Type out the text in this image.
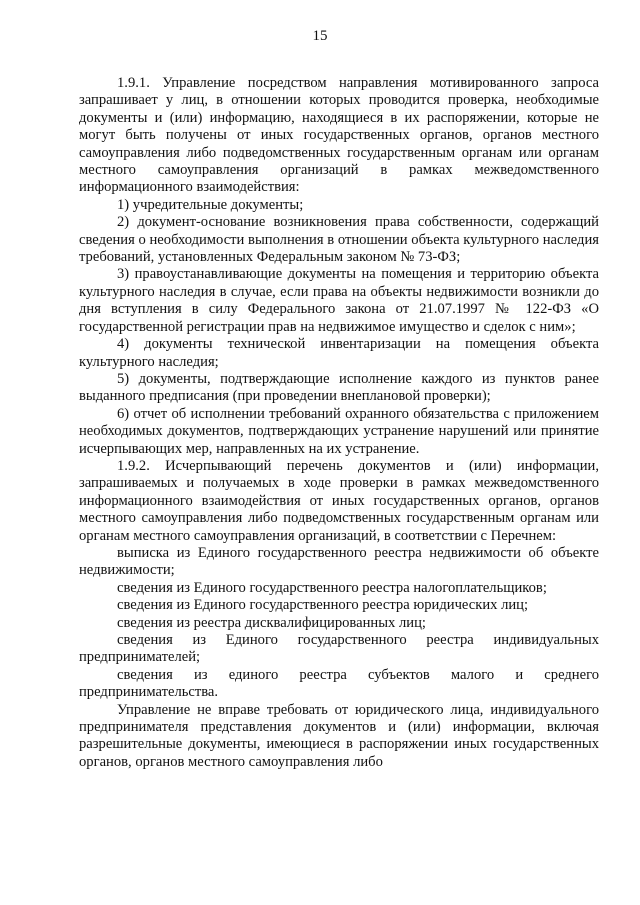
15

1.9.1. Управление посредством направления мотивированного запроса запрашивает у лиц, в отношении которых проводится проверка, необходимые документы и (или) информацию, находящиеся в их распоряжении, которые не могут быть получены от иных государственных органов, органов местного самоуправления либо подведомственных государственным органам или органам местного самоуправления организаций в рамках межведомственного информационного взаимодействия:

1) учредительные документы;

2) документ-основание возникновения права собственности, содержащий сведения о необходимости выполнения в отношении объекта культурного наследия требований, установленных Федеральным законом № 73-ФЗ;

3) правоустанавливающие документы на помещения и территорию объекта культурного наследия в случае, если права на объекты недвижимости возникли до дня вступления в силу Федерального закона от 21.07.1997 № 122-ФЗ «О государственной регистрации прав на недвижимое имущество и сделок с ним»;

4) документы технической инвентаризации на помещения объекта культурного наследия;

5) документы, подтверждающие исполнение каждого из пунктов ранее выданного предписания (при проведении внеплановой проверки);

6) отчет об исполнении требований охранного обязательства с приложением необходимых документов, подтверждающих устранение нарушений или принятие исчерпывающих мер, направленных на их устранение.

1.9.2. Исчерпывающий перечень документов и (или) информации, запрашиваемых и получаемых в ходе проверки в рамках межведомственного информационного взаимодействия от иных государственных органов, органов местного самоуправления либо подведомственных государственным органам или органам местного самоуправления организаций, в соответствии с Перечнем:

выписка из Единого государственного реестра недвижимости об объекте недвижимости;

сведения из Единого государственного реестра налогоплательщиков;

сведения из Единого государственного реестра юридических лиц;

сведения из реестра дисквалифицированных лиц;

сведения из Единого государственного реестра индивидуальных предпринимателей;

сведения из единого реестра субъектов малого и среднего предпринимательства.

Управление не вправе требовать от юридического лица, индивидуального предпринимателя представления документов и (или) информации, включая разрешительные документы, имеющиеся в распоряжении иных государственных органов, органов местного самоуправления либо
